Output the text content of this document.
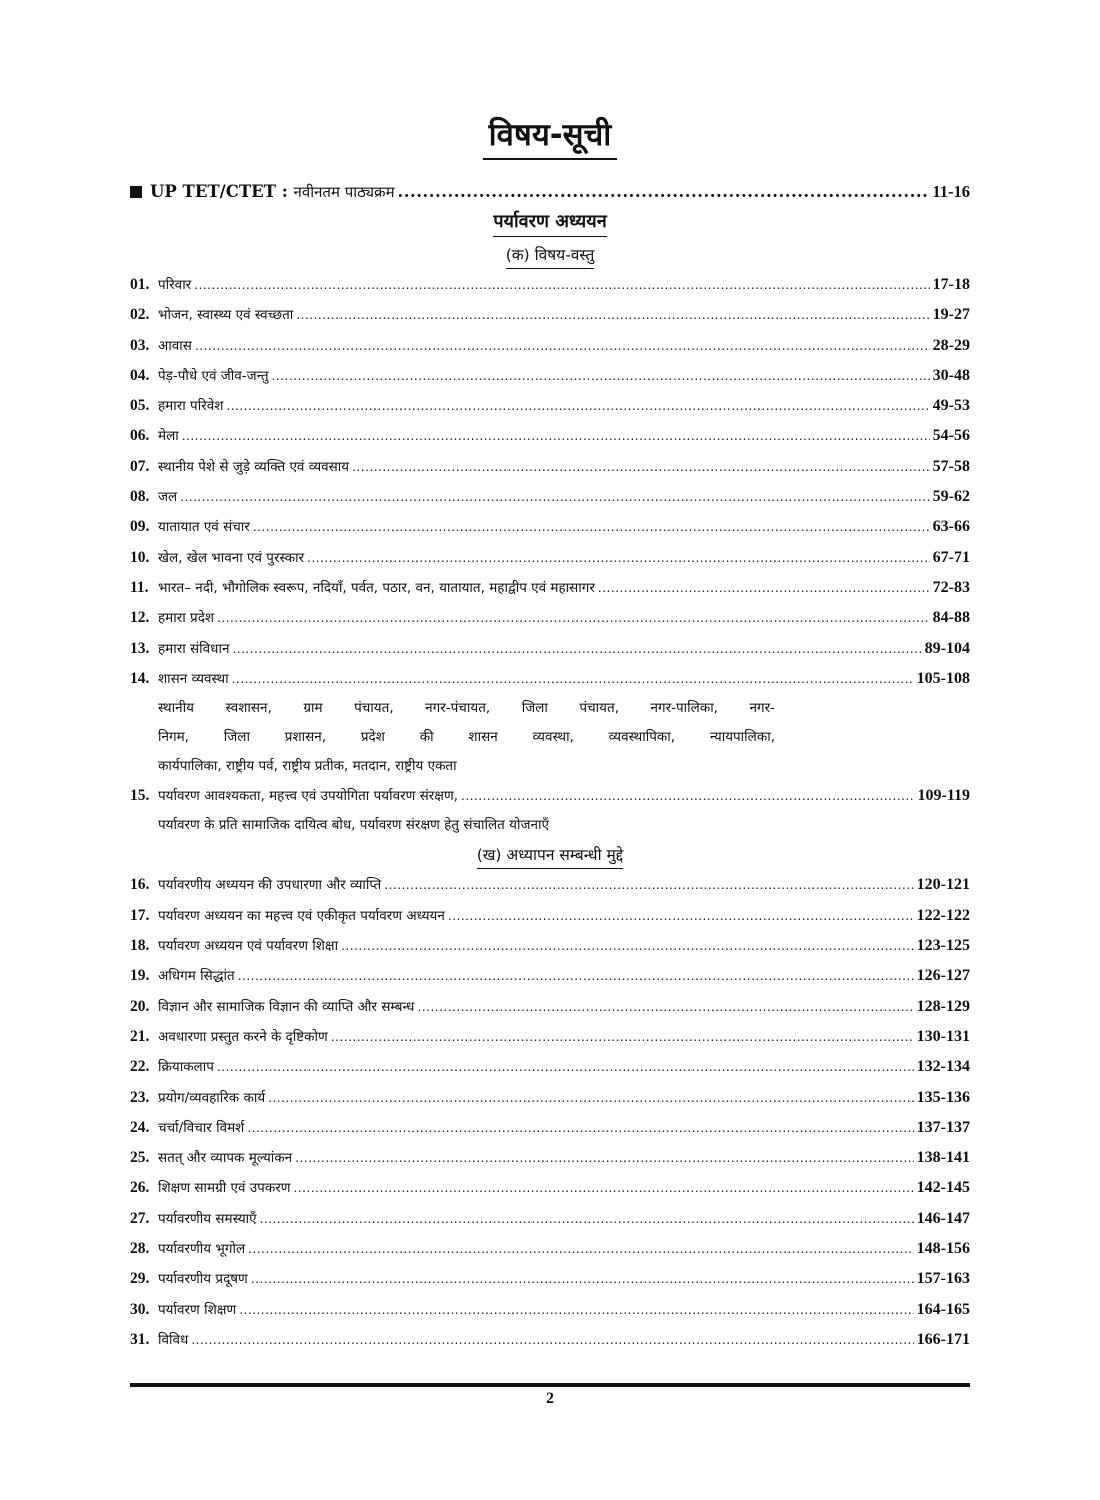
विषय-सूची
UP TET/CTET : नवीनतम पाठ्यक्रम .....	11-16
पर्यावरण अध्ययन
(क) विषय-वस्तु
01. परिवार .....	17-18
02. भोजन, स्वास्थ्य एवं स्वच्छता .....	19-27
03. आवास .....	28-29
04. पेड़-पौधे एवं जीव-जन्तु .....	30-48
05. हमारा परिवेश .....	49-53
06. मेला .....	54-56
07. स्थानीय पेशे से जुड़े व्यक्ति एवं व्यवसाय .....	57-58
08. जल .....	59-62
09. यातायात एवं संचार .....	63-66
10. खेल, खेल भावना एवं पुरस्कार .....	67-71
11. भारत– नदी, भौगोलिक स्वरूप, नदियाँ, पर्वत, पठार, वन, यातायात, महाद्वीप एवं महासागर .....	72-83
12. हमारा प्रदेश .....	84-88
13. हमारा संविधान .....	89-104
14. शासन व्यवस्था .....	105-108
स्थानीय स्वशासन, ग्राम पंचायत, नगर-पंचायत, जिला पंचायत, नगर-पालिका, नगर-
निगम, जिला प्रशासन, प्रदेश की शासन व्यवस्था, व्यवस्थापिका, न्यायपालिका,
कार्यपालिका, राष्ट्रीय पर्व, राष्ट्रीय प्रतीक, मतदान, राष्ट्रीय एकता
15. पर्यावरण आवश्यकता, महत्त्व एवं उपयोगिता पर्यावरण संरक्षण, .....	109-119
पर्यावरण के प्रति सामाजिक दायित्व बोध, पर्यावरण संरक्षण हेतु संचालित योजनाएँ
(ख) अध्यापन सम्बन्धी मुद्दे
16. पर्यावरणीय अध्ययन की उपधारणा और व्याप्ति .....	120-121
17. पर्यावरण अध्ययन का महत्त्व एवं एकीकृत पर्यावरण अध्ययन .....	122-122
18. पर्यावरण अध्ययन एवं पर्यावरण शिक्षा .....	123-125
19. अधिगम सिद्धांत .....	126-127
20. विज्ञान और सामाजिक विज्ञान की व्याप्ति और सम्बन्ध .....	128-129
21. अवधारणा प्रस्तुत करने के दृष्टिकोण .....	130-131
22. क्रियाकलाप .....	132-134
23. प्रयोग/व्यवहारिक कार्य .....	135-136
24. चर्चा/विचार विमर्श .....	137-137
25. सतत् और व्यापक मूल्यांकन .....	138-141
26. शिक्षण सामग्री एवं उपकरण .....	142-145
27. पर्यावरणीय समस्याएँ .....	146-147
28. पर्यावरणीय भूगोल .....	148-156
29. पर्यावरणीय प्रदूषण .....	157-163
30. पर्यावरण शिक्षण .....	164-165
31. विविध .....	166-171
2
